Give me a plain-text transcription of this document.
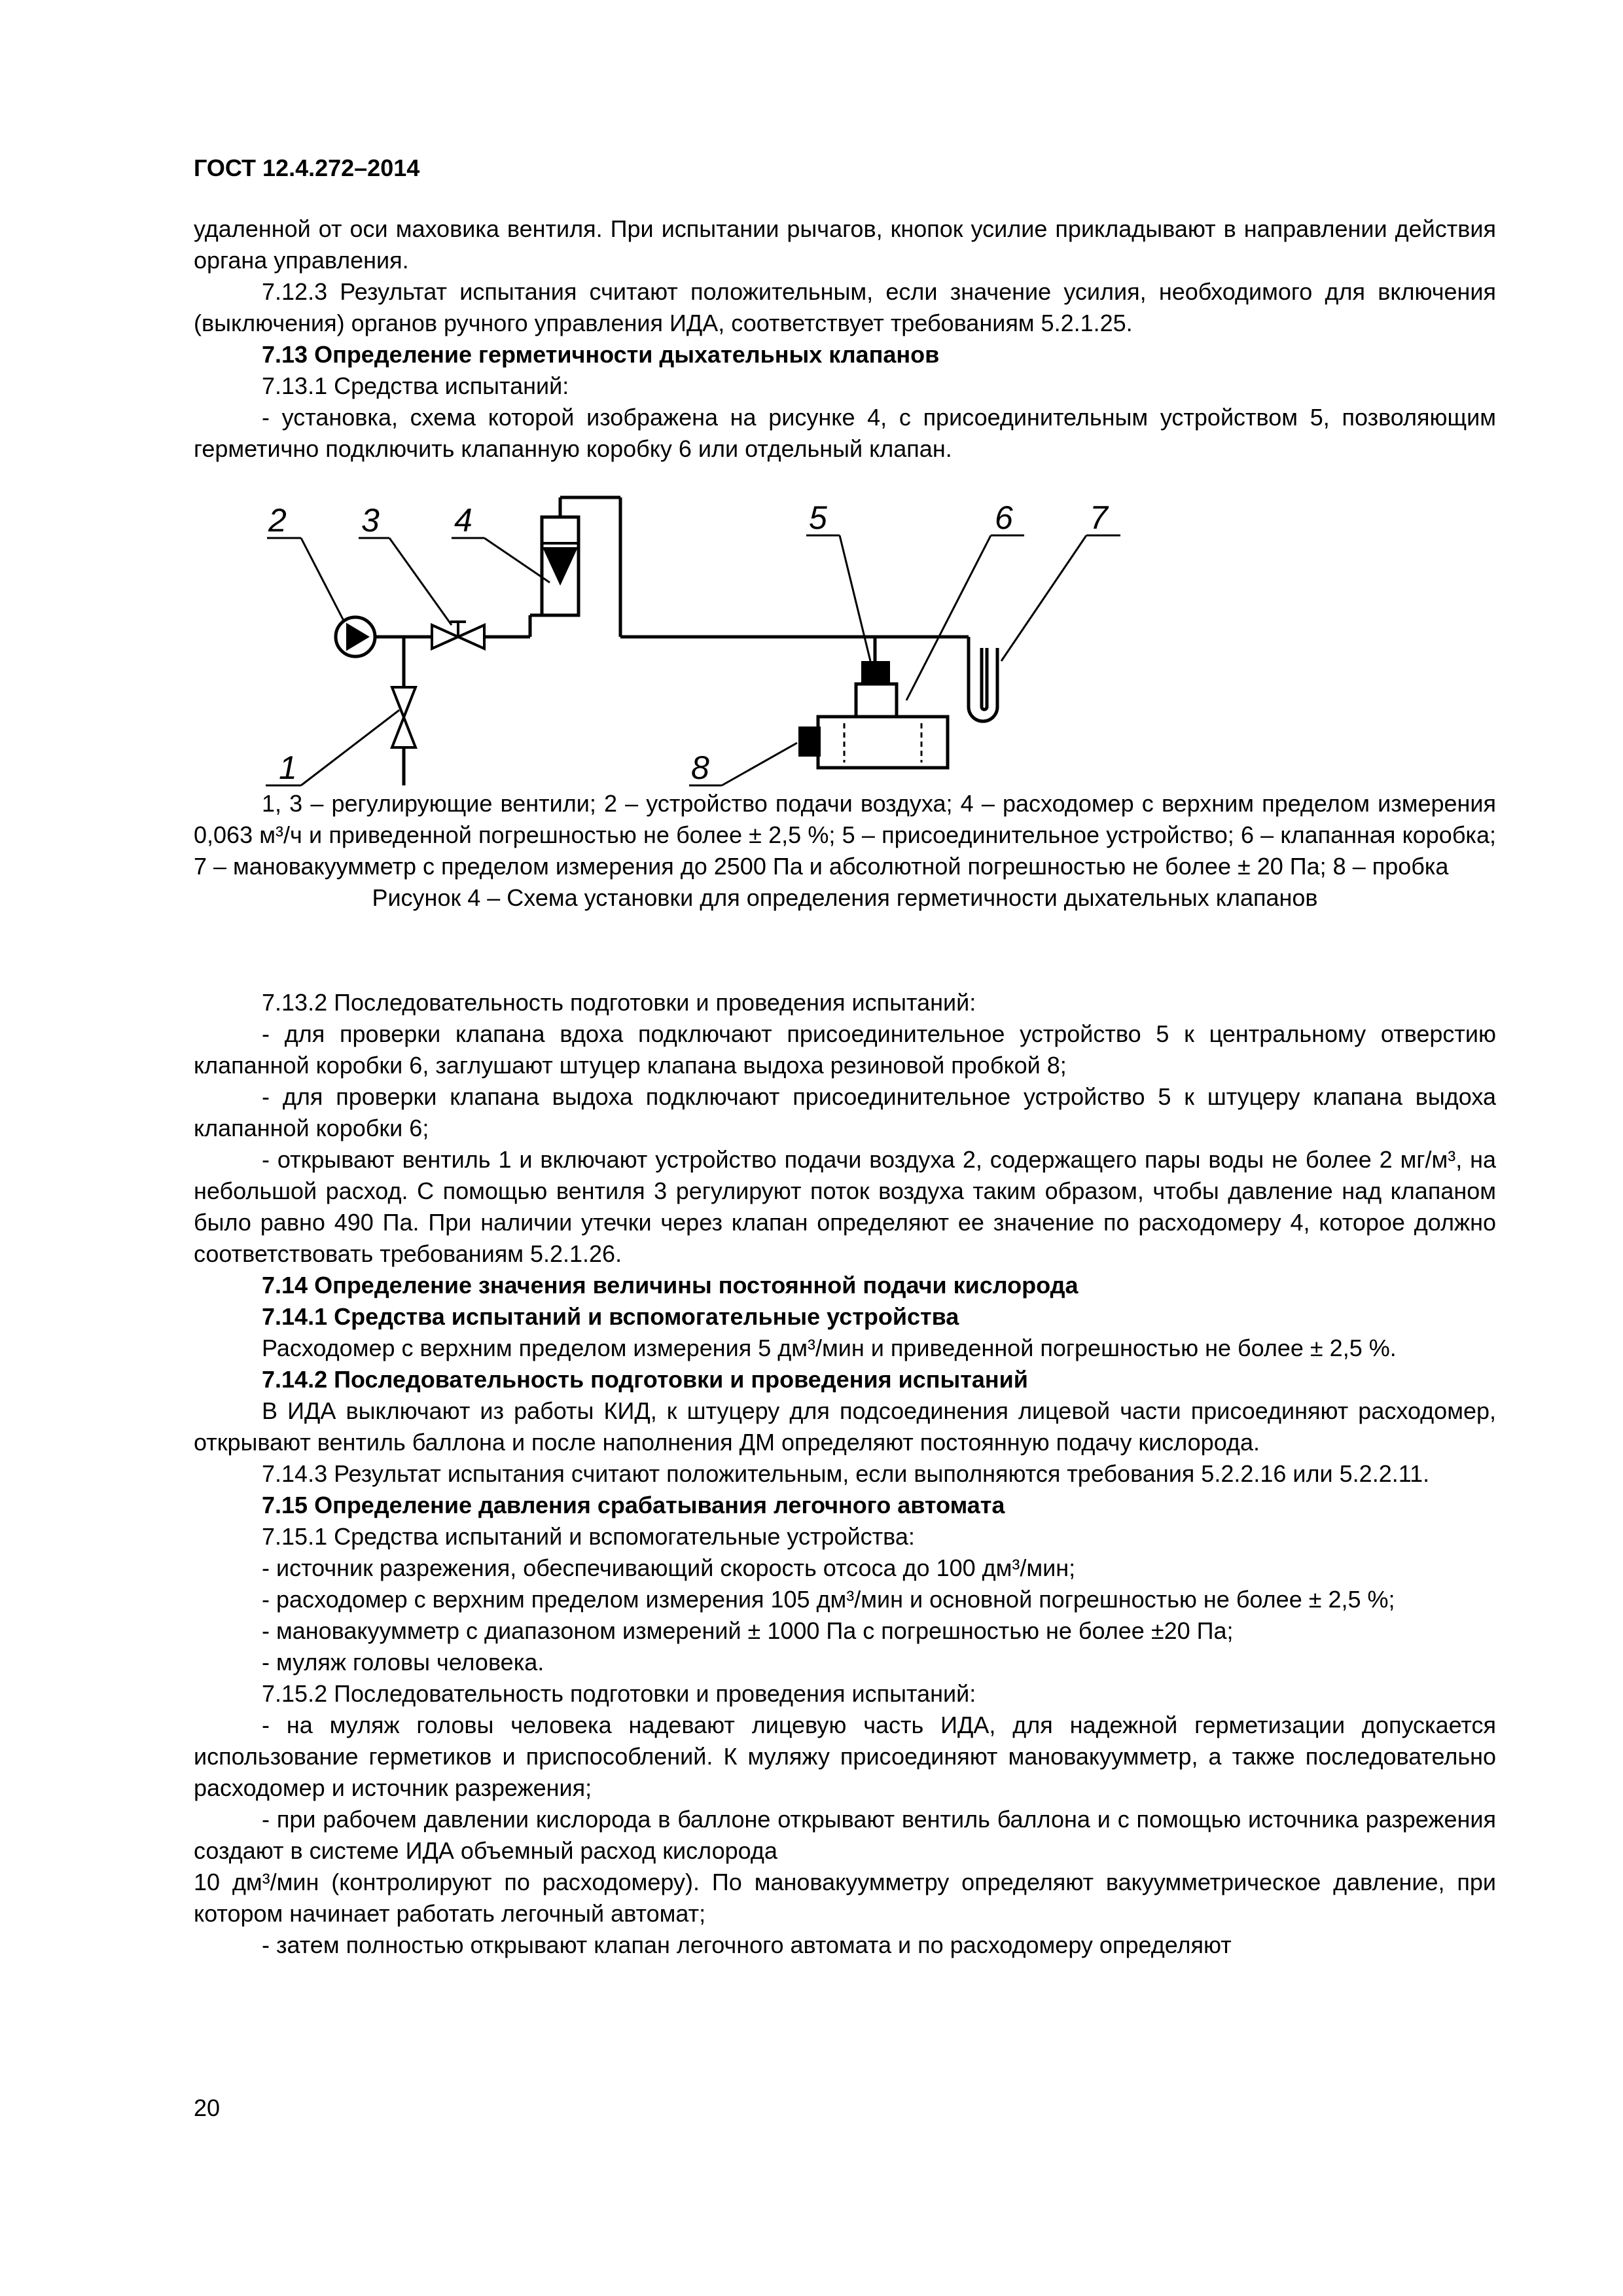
ГОСТ 12.4.272–2014

удаленной от оси маховика вентиля. При испытании рычагов, кнопок усилие прикладывают в направлении действия органа управления.

7.12.3 Результат испытания считают положительным, если значение усилия, необходимого для включения (выключения) органов ручного управления ИДА, соответствует требованиям 5.2.1.25.

7.13 Определение герметичности дыхательных клапанов

7.13.1 Средства испытаний:

- установка, схема которой изображена на рисунке 4, с присоединительным устройством 5, позволяющим герметично подключить клапанную коробку 6 или отдельный клапан.

2 3 4	5	6 7
1	8

1, 3 – регулирующие вентили; 2 – устройство подачи воздуха; 4 – расходомер с верхним пределом измерения 0,063 м³/ч и приведенной погрешностью не более ± 2,5 %; 5 – присоединительное устройство; 6 – клапанная коробка; 7 – мановакуумметр с пределом измерения до 2500 Па и абсолютной погрешностью не более ± 20 Па; 8 – пробка

Рисунок 4 – Схема установки для определения герметичности дыхательных клапанов

7.13.2 Последовательность подготовки и проведения испытаний:

- для проверки клапана вдоха подключают присоединительное устройство 5 к центральному отверстию клапанной коробки 6, заглушают штуцер клапана выдоха резиновой пробкой 8;

- для проверки клапана выдоха подключают присоединительное устройство 5 к штуцеру клапана выдоха клапанной коробки 6;

- открывают вентиль 1 и включают устройство подачи воздуха 2, содержащего пары воды не более 2 мг/м³, на небольшой расход. С помощью вентиля 3 регулируют поток воздуха таким образом, чтобы давление над клапаном было равно 490 Па. При наличии утечки через клапан определяют ее значение по расходомеру 4, которое должно соответствовать требованиям 5.2.1.26.

7.14 Определение значения величины постоянной подачи кислорода

7.14.1 Средства испытаний и вспомогательные устройства

Расходомер с верхним пределом измерения 5 дм³/мин и приведенной погрешностью не более ± 2,5 %.

7.14.2 Последовательность подготовки и проведения испытаний

В ИДА выключают из работы КИД, к штуцеру для подсоединения лицевой части присоединяют расходомер, открывают вентиль баллона и после наполнения ДМ определяют постоянную подачу кислорода.

7.14.3 Результат испытания считают положительным, если выполняются требования 5.2.2.16 или 5.2.2.11.

7.15 Определение давления срабатывания легочного автомата

7.15.1 Средства испытаний и вспомогательные устройства:

- источник разрежения, обеспечивающий скорость отсоса до 100 дм³/мин;

- расходомер с верхним пределом измерения 105 дм³/мин и основной погрешностью не более ± 2,5 %;

- мановакуумметр с диапазоном измерений ± 1000 Па с погрешностью не более ±20 Па;

- муляж головы человека.

7.15.2 Последовательность подготовки и проведения испытаний:

- на муляж головы человека надевают лицевую часть ИДА, для надежной герметизации допускается использование герметиков и приспособлений. К муляжу присоединяют мановакуумметр, а также последовательно расходомер и источник разрежения;

- при рабочем давлении кислорода в баллоне открывают вентиль баллона и с помощью источника разрежения создают в системе ИДА объемный расход кислорода

10 дм³/мин (контролируют по расходомеру). По мановакуумметру определяют вакуумметрическое давление, при котором начинает работать легочный автомат;

- затем полностью открывают клапан легочного автомата и по расходомеру определяют

20
